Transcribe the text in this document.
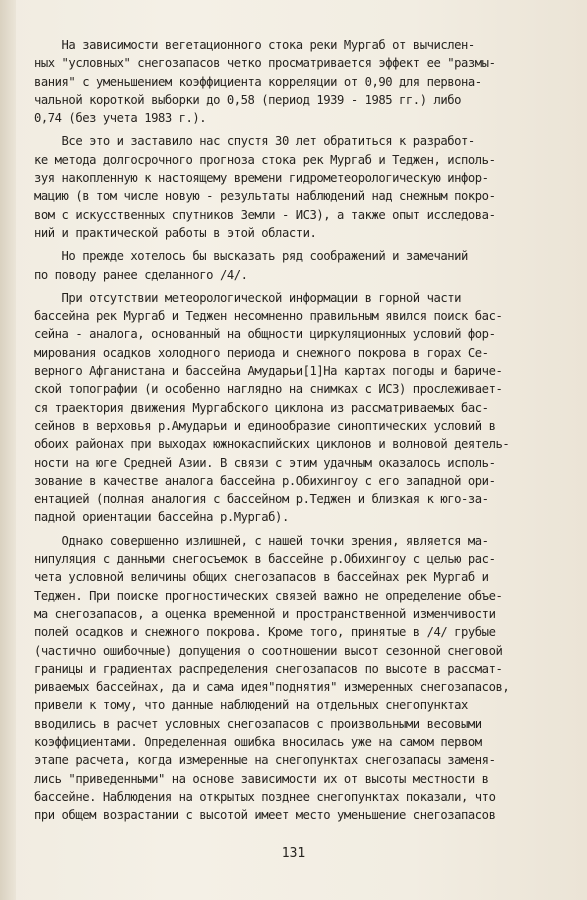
На зависимости вегетационного стока реки Мургаб от вычислен-
ных "условных" снегозапасов четко просматривается эффект ее "размы-
вания" с уменьшением коэффициента корреляции от 0,90 для первона-
чальной короткой выборки до 0,58 (период 1939 - 1985 гг.) либо
0,74 (без учета 1983 г.).
Все это и заставило нас спустя 30 лет обратиться к разработ-
ке метода долгосрочного прогноза стока рек Мургаб и Теджен, исполь-
зуя накопленную к настоящему времени гидрометеорологическую инфор-
мацию (в том числе новую - результаты наблюдений над снежным покро-
вом с искусственных спутников Земли - ИСЗ), а также опыт исследова-
ний и практической работы в этой области.
Но прежде хотелось бы высказать ряд соображений и замечаний
по поводу ранее сделанного /4/.
При отсутствии метеорологической информации в горной части
бассейна рек Мургаб и Теджен несомненно правильным явился поиск бас-
сейна - аналога, основанный на общности циркуляционных условий фор-
мирования осадков холодного периода и снежного покрова в горах Се-
верного Афганистана и бассейна Амударьи[1]На картах погоды и бариче-
ской топографии (и особенно наглядно на снимках с ИСЗ) прослеживает-
ся траектория движения Мургабского циклона из рассматриваемых бас-
сейнов в верховья р.Амударьи и единообразие синоптических условий в
обоих районах при выходах южнокаспийских циклонов и волновой деятель-
ности на юге Средней Азии. В связи с этим удачным оказалось исполь-
зование в качестве аналога бассейна р.Обихингоу с его западной ори-
ентацией (полная аналогия с бассейном р.Теджен и близкая к юго-за-
падной ориентации бассейна р.Мургаб).
Однако совершенно излишней, с нашей точки зрения, является ма-
нипуляция с данными снегосъемок в бассейне р.Обихингоу с целью рас-
чета условной величины общих снегозапасов в бассейнах рек Мургаб и
Теджен. При поиске прогностических связей важно не определение объе-
ма снегозапасов, а оценка временной и пространственной изменчивости
полей осадков и снежного покрова. Кроме того, принятые в /4/ грубые
(частично ошибочные) допущения о соотношении высот сезонной снеговой
границы и градиентах распределения снегозапасов по высоте в рассмат-
риваемых бассейнах, да и сама идея"поднятия" измеренных снегозапасов,
привели к тому, что данные наблюдений на отдельных снегопунктах
вводились в расчет условных снегозапасов с произвольными весовыми
коэффициентами. Определенная ошибка вносилась уже на самом первом
этапе расчета, когда измеренные на снегопунктах снегозапасы заменя-
лись "приведенными" на основе зависимости их от высоты местности в
бассейне. Наблюдения на открытых позднее снегопунктах показали, что
при общем возрастании с высотой имеет место уменьшение снегозапасов
131
